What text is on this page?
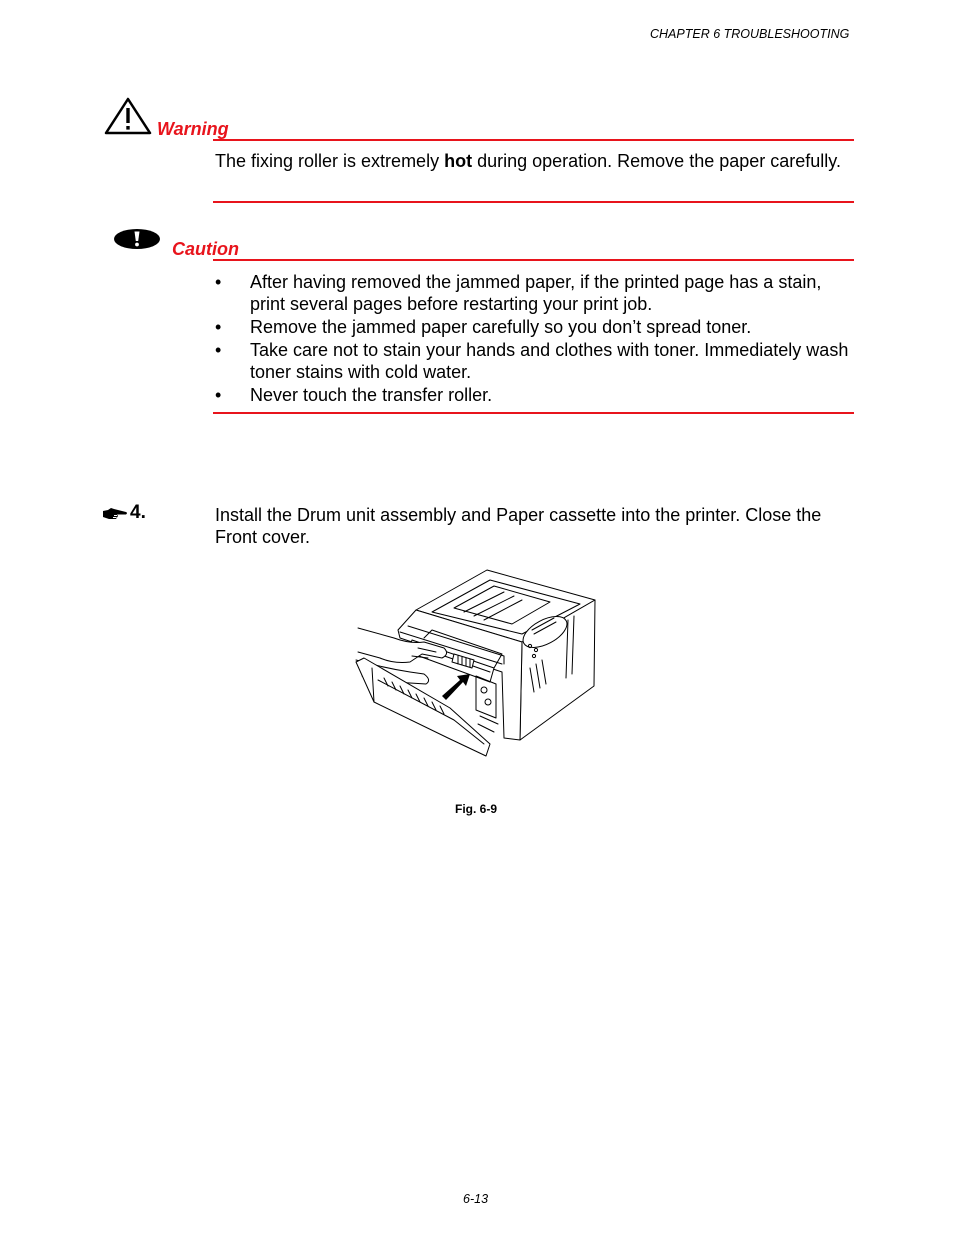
CHAPTER 6 TROUBLESHOOTING
Warning
The fixing roller is extremely hot during operation. Remove the paper carefully.
Caution
• After having removed the jammed paper, if the printed page has a stain, print several pages before restarting your print job.
• Remove the jammed paper carefully so you don’t spread toner.
• Take care not to stain your hands and clothes with toner. Immediately wash toner stains with cold water.
• Never touch the transfer roller.
4.	Install the Drum unit assembly and Paper cassette into the printer. Close the Front cover.
Fig. 6-9
6-13
